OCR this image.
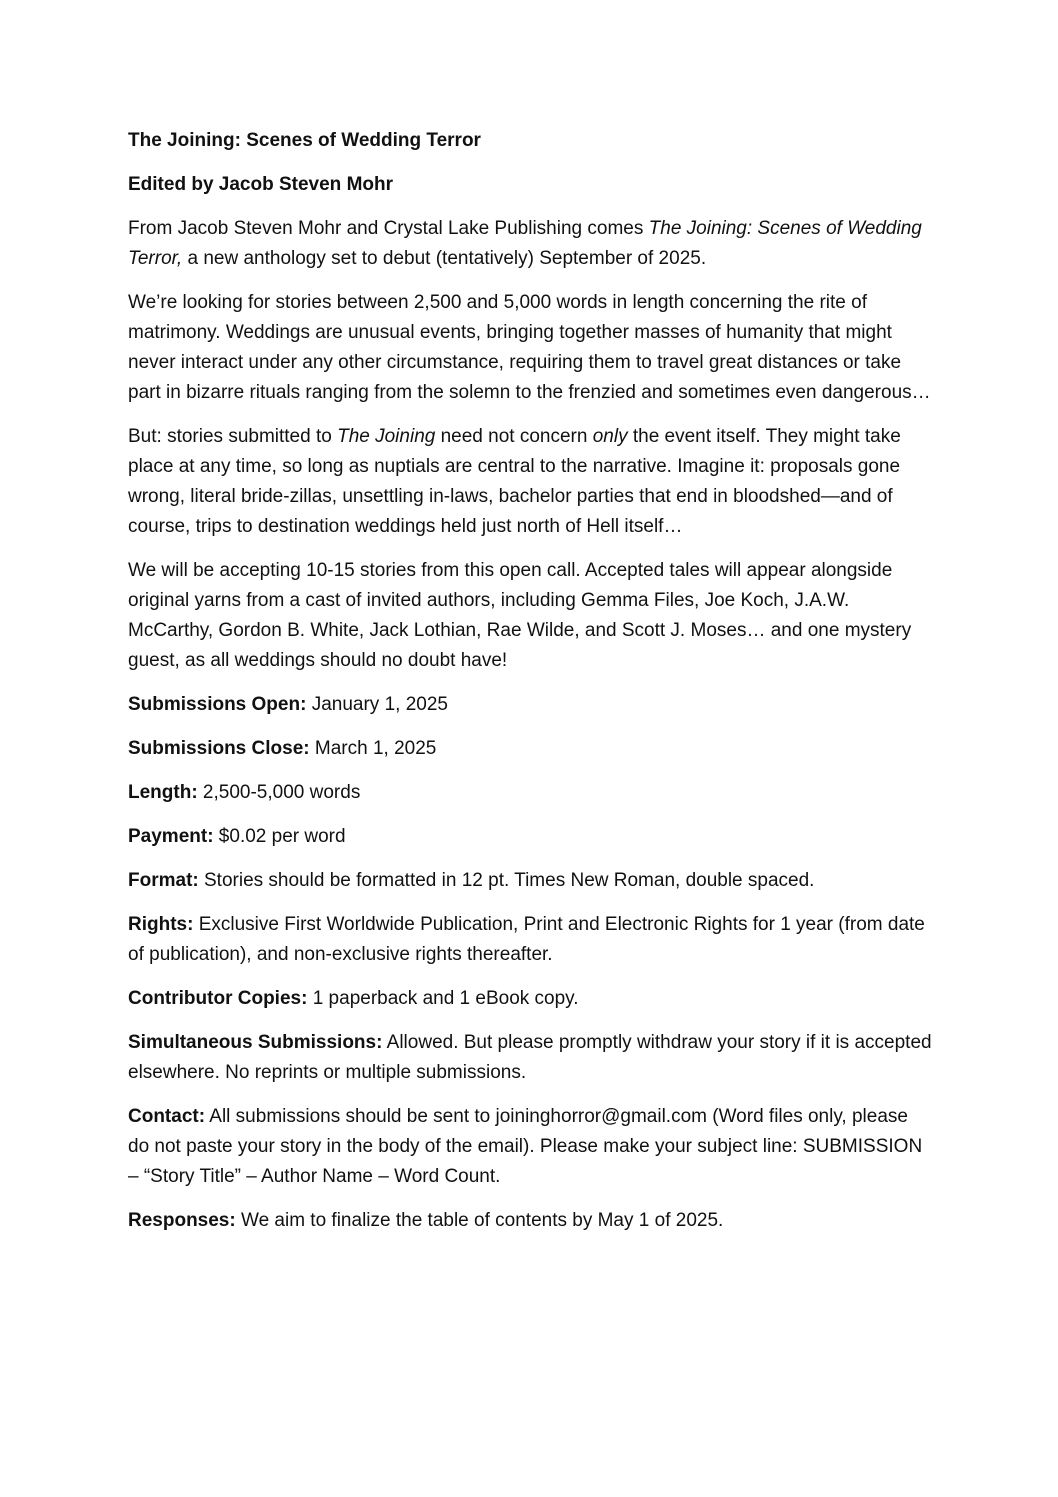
The Joining: Scenes of Wedding Terror

Edited by Jacob Steven Mohr

From Jacob Steven Mohr and Crystal Lake Publishing comes The Joining: Scenes of Wedding Terror, a new anthology set to debut (tentatively) September of 2025.

We’re looking for stories between 2,500 and 5,000 words in length concerning the rite of matrimony. Weddings are unusual events, bringing together masses of humanity that might never interact under any other circumstance, requiring them to travel great distances or take part in bizarre rituals ranging from the solemn to the frenzied and sometimes even dangerous…

But: stories submitted to The Joining need not concern only the event itself. They might take place at any time, so long as nuptials are central to the narrative. Imagine it: proposals gone wrong, literal bride-zillas, unsettling in-laws, bachelor parties that end in bloodshed—and of course, trips to destination weddings held just north of Hell itself…

We will be accepting 10-15 stories from this open call. Accepted tales will appear alongside original yarns from a cast of invited authors, including Gemma Files, Joe Koch, J.A.W. McCarthy, Gordon B. White, Jack Lothian, Rae Wilde, and Scott J. Moses… and one mystery guest, as all weddings should no doubt have!

Submissions Open: January 1, 2025

Submissions Close: March 1, 2025

Length: 2,500-5,000 words

Payment: $0.02 per word

Format: Stories should be formatted in 12 pt. Times New Roman, double spaced.

Rights: Exclusive First Worldwide Publication, Print and Electronic Rights for 1 year (from date of publication), and non-exclusive rights thereafter.

Contributor Copies: 1 paperback and 1 eBook copy.

Simultaneous Submissions: Allowed. But please promptly withdraw your story if it is accepted elsewhere. No reprints or multiple submissions.

Contact: All submissions should be sent to joininghorror@gmail.com (Word files only, please do not paste your story in the body of the email). Please make your subject line: SUBMISSION – “Story Title” – Author Name – Word Count.

Responses: We aim to finalize the table of contents by May 1 of 2025.
